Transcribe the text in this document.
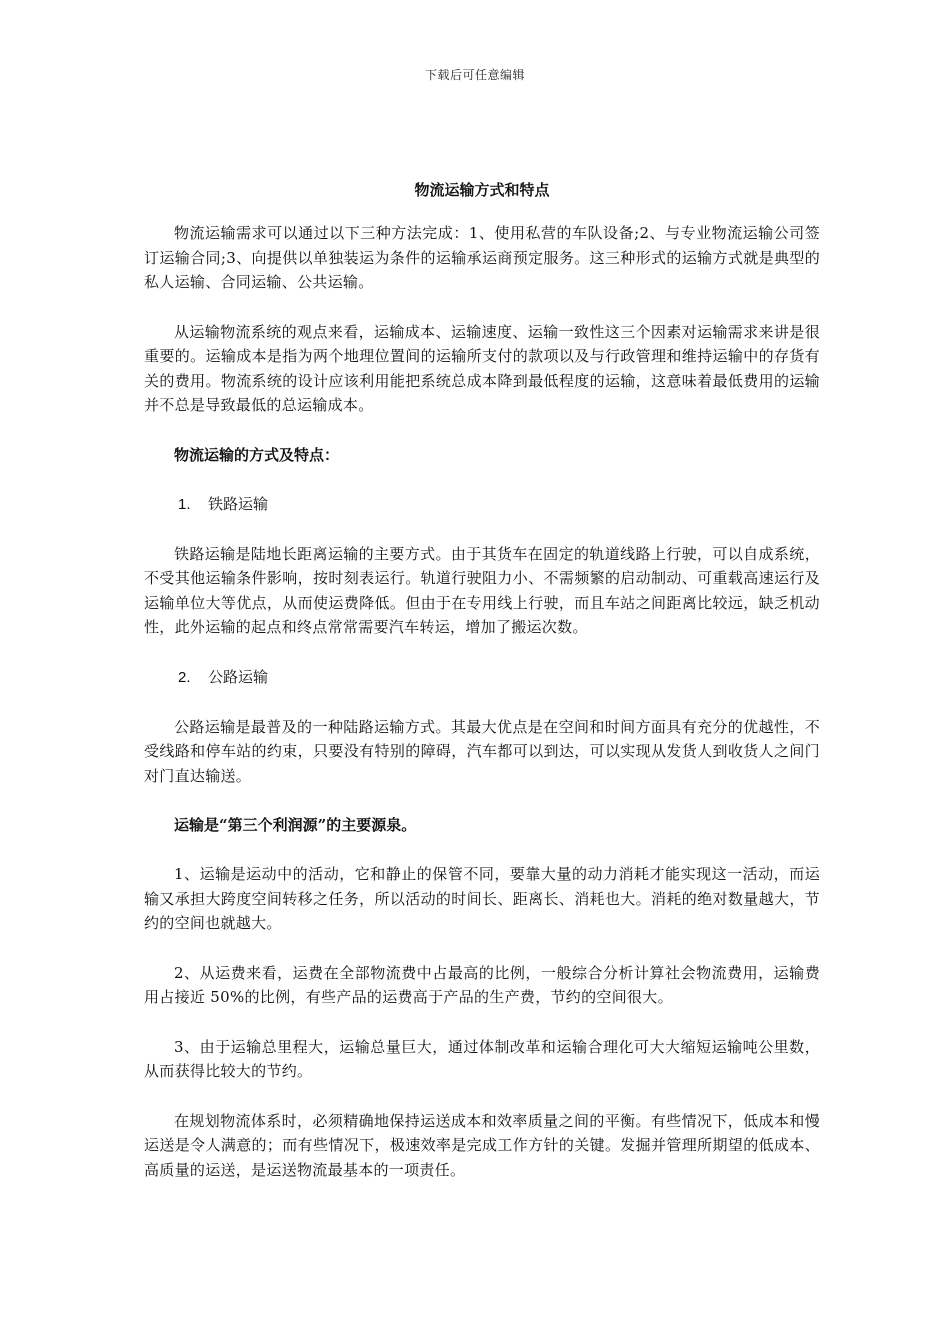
下载后可任意编辑
物流运输方式和特点

物流运输需求可以通过以下三种方法完成：1、使用私营的车队设备;2、与专业物流运输公司签订运输合同;3、向提供以单独装运为条件的运输承运商预定服务。这三种形式的运输方式就是典型的私人运输、合同运输、公共运输。

从运输物流系统的观点来看，运输成本、运输速度、运输一致性这三个因素对运输需求来讲是很重要的。运输成本是指为两个地理位置间的运输所支付的款项以及与行政管理和维持运输中的存货有关的费用。物流系统的设计应该利用能把系统总成本降到最低程度的运输，这意味着最低费用的运输并不总是导致最低的总运输成本。

物流运输的方式及特点：

1. 铁路运输

铁路运输是陆地长距离运输的主要方式。由于其货车在固定的轨道线路上行驶，可以自成系统，不受其他运输条件影响，按时刻表运行。轨道行驶阻力小、不需频繁的启动制动、可重载高速运行及运输单位大等优点，从而使运费降低。但由于在专用线上行驶，而且车站之间距离比较远，缺乏机动性，此外运输的起点和终点常常需要汽车转运，增加了搬运次数。

2. 公路运输

公路运输是最普及的一种陆路运输方式。其最大优点是在空间和时间方面具有充分的优越性，不受线路和停车站的约束，只要没有特别的障碍，汽车都可以到达，可以实现从发货人到收货人之间门对门直达输送。

运输是“第三个利润源”的主要源泉。

1、运输是运动中的活动，它和静止的保管不同，要靠大量的动力消耗才能实现这一活动，而运输又承担大跨度空间转移之任务，所以活动的时间长、距离长、消耗也大。消耗的绝对数量越大，节约的空间也就越大。

2、从运费来看，运费在全部物流费中占最高的比例，一般综合分析计算社会物流费用，运输费用占接近 50%的比例，有些产品的运费高于产品的生产费，节约的空间很大。

3、由于运输总里程大，运输总量巨大，通过体制改革和运输合理化可大大缩短运输吨公里数，从而获得比较大的节约。

在规划物流体系时，必须精确地保持运送成本和效率质量之间的平衡。有些情况下，低成本和慢运送是令人满意的；而有些情况下，极速效率是完成工作方针的关键。发掘并管理所期望的低成本、高质量的运送，是运送物流最基本的一项责任。
